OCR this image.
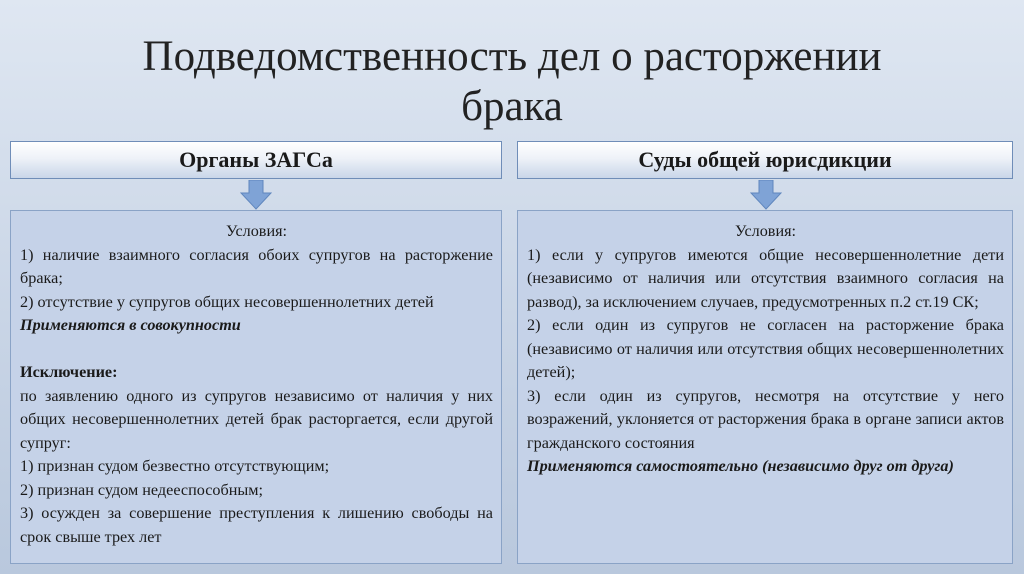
Подведомственность дел о расторжении
брака
Органы ЗАГСа	Суды общей юрисдикции
Условия:
1) наличие взаимного согласия обоих супругов на расторжение брака;
2) отсутствие у супругов общих несовершеннолетних детей
Применяются в совокупности
Исключение:
по заявлению одного из супругов независимо от наличия у них общих несовершеннолетних детей брак расторгается, если другой супруг:
1) признан судом безвестно отсутствующим;
2) признан судом недееспособным;
3) осужден за совершение преступления к лишению свободы на срок свыше трех лет
Условия:
1) если у супругов имеются общие несовершеннолетние дети (независимо от наличия или отсутствия взаимного согласия на развод), за исключением случаев, предусмотренных п.2 ст.19 СК;
2) если один из супругов не согласен на расторжение брака (независимо от наличия или отсутствия общих несовершеннолетних детей);
3) если один из супругов, несмотря на отсутствие у него возражений, уклоняется от расторжения брака в органе записи актов гражданского состояния
Применяются самостоятельно (независимо друг от друга)
